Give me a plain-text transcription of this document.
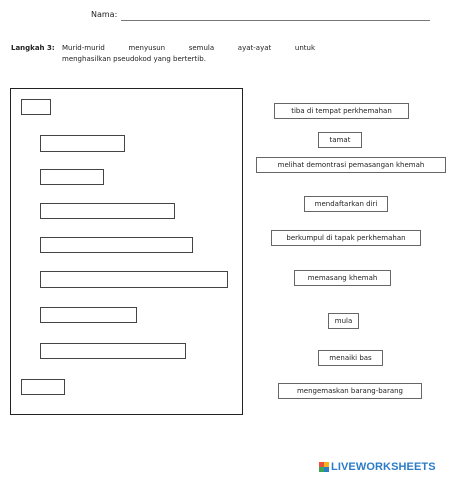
Nama:
Langkah 3: Murid-murid	menyusun	semula	ayat-ayat	untuk
menghasilkan pseudokod yang bertertib.
tiba di tempat perkhemahan
tamat
melihat demontrasi pemasangan khemah
mendaftarkan diri
berkumpul di tapak perkhemahan
memasang khemah
mula
menaiki bas
mengemaskan barang-barang
LIVEWORKSHEETS
